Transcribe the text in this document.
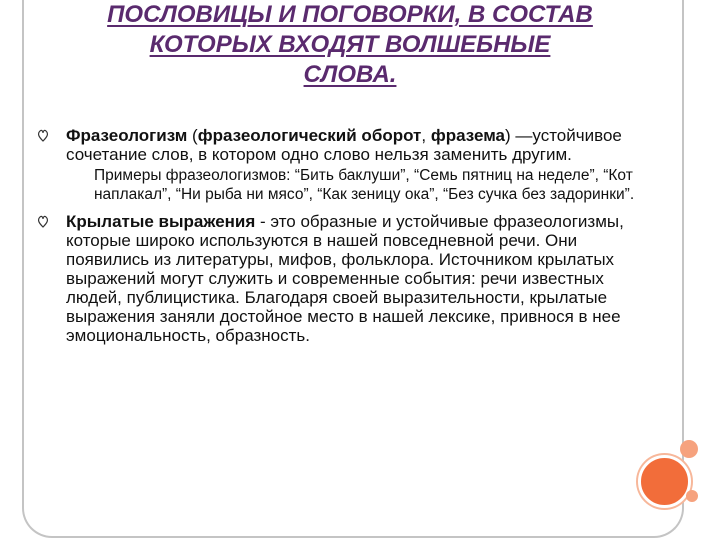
ПОСЛОВИЦЫ И ПОГОВОРКИ, В СОСТАВ
КОТОРЫХ ВХОДЯТ ВОЛШЕБНЫЕ
СЛОВА.
Фразеологизм (фразеологический оборот, фразема) —устойчивое сочетание слов, в котором одно слово нельзя заменить другим.
Примеры фразеологизмов: “Бить баклуши”, “Семь пятниц на неделе”, “Кот наплакал”, “Ни рыба ни мясо”, “Как зеницу ока”, “Без сучка без задоринки”.
Крылатые выражения - это образные и устойчивые фразеологизмы, которые широко используются в нашей повседневной речи. Они появились из литературы, мифов, фольклора. Источником крылатых выражений могут служить и современные события: речи известных людей, публицистика. Благодаря своей выразительности, крылатые выражения заняли достойное место в нашей лексике, привнося в нее эмоциональность, образность.
